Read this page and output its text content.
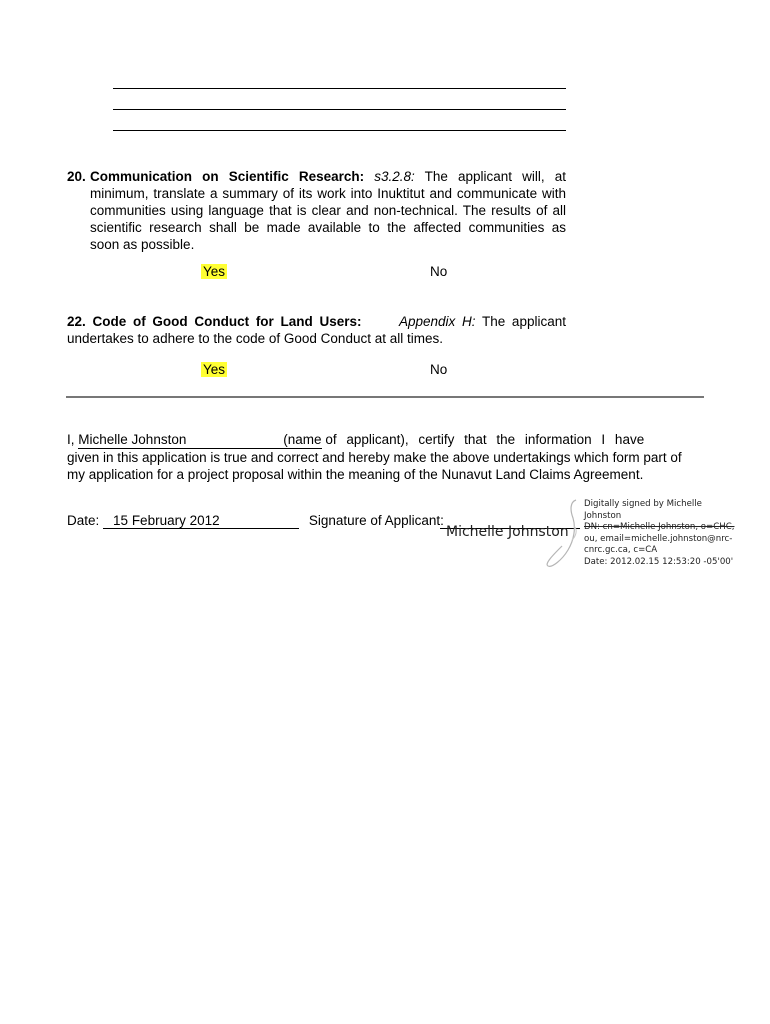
20. Communication on Scientific Research: s3.2.8: The applicant will, at
minimum, translate a summary of its work into Inuktitut and communicate with
communities using language that is clear and non-technical. The results of all
scientific research shall be made available to the affected communities as
soon as possible.
Yes	No
22. Code of Good Conduct for Land Users:	Appendix H: The applicant
undertakes to adhere to the code of Good Conduct at all times.
Yes	No
I, Michelle Johnston	(name of applicant), certify that the information I have
given in this application is true and correct and hereby make the above undertakings which form part of
my application for a project proposal within the meaning of the Nunavut Land Claims Agreement.
Date: 15 February 2012	Signature of Applicant:
Michelle Johnston
Digitally signed by Michelle
Johnston
DN: cn=Michelle Johnston, o=CHC,
ou, email=michelle.johnston@nrc-
cnrc.gc.ca, c=CA
Date: 2012.02.15 12:53:20 -05'00'
